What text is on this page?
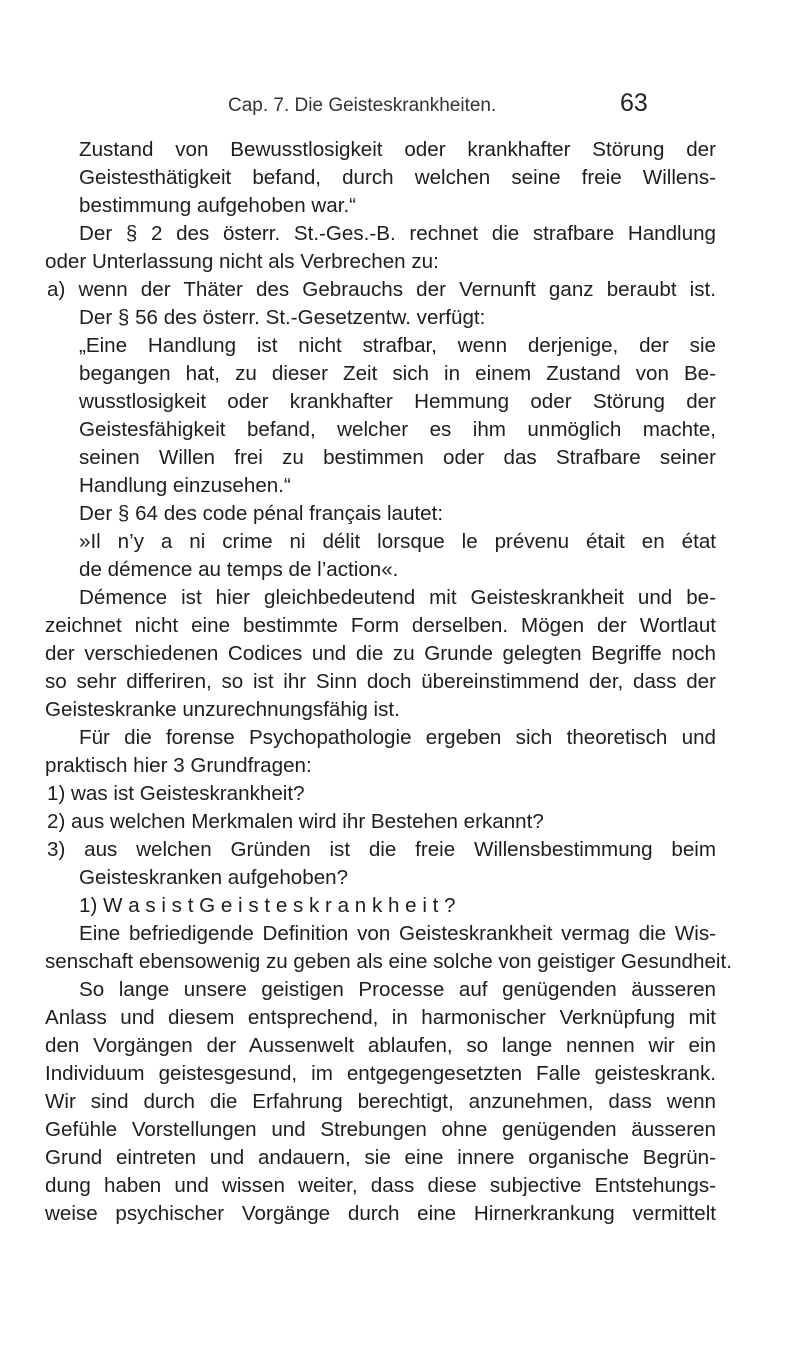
Cap. 7. Die Geisteskrankheiten.	63
Zustand von Bewusstlosigkeit oder krankhafter Störung der
Geistesthätigkeit befand, durch welchen seine freie Willens-
bestimmung aufgehoben war.“
Der § 2 des österr. St.-Ges.-B. rechnet die strafbare Handlung
oder Unterlassung nicht als Verbrechen zu:
a) wenn der Thäter des Gebrauchs der Vernunft ganz beraubt ist.
Der § 56 des österr. St.-Gesetzentw. verfügt:
„Eine Handlung ist nicht strafbar, wenn derjenige, der sie
begangen hat, zu dieser Zeit sich in einem Zustand von Be-
wusstlosigkeit oder krankhafter Hemmung oder Störung der
Geistesfähigkeit befand, welcher es ihm unmöglich machte,
seinen Willen frei zu bestimmen oder das Strafbare seiner
Handlung einzusehen.“
Der § 64 des code pénal français lautet:
»Il n’y a ni crime ni délit lorsque le prévenu était en état
de démence au temps de l’action«.
Démence ist hier gleichbedeutend mit Geisteskrankheit und be-
zeichnet nicht eine bestimmte Form derselben. Mögen der Wortlaut
der verschiedenen Codices und die zu Grunde gelegten Begriffe noch
so sehr differiren, so ist ihr Sinn doch übereinstimmend der, dass der
Geisteskranke unzurechnungsfähig ist.
Für die forense Psychopathologie ergeben sich theoretisch und
praktisch hier 3 Grundfragen:
1) was ist Geisteskrankheit?
2) aus welchen Merkmalen wird ihr Bestehen erkannt?
3) aus welchen Gründen ist die freie Willensbestimmung beim
Geisteskranken aufgehoben?
1) W a s i s t G e i s t e s k r a n k h e i t ?
Eine befriedigende Definition von Geisteskrankheit vermag die Wis-
senschaft ebensowenig zu geben als eine solche von geistiger Gesundheit.
So lange unsere geistigen Processe auf genügenden äusseren
Anlass und diesem entsprechend, in harmonischer Verknüpfung mit
den Vorgängen der Aussenwelt ablaufen, so lange nennen wir ein
Individuum geistesgesund, im entgegengesetzten Falle geisteskrank.
Wir sind durch die Erfahrung berechtigt, anzunehmen, dass wenn
Gefühle Vorstellungen und Strebungen ohne genügenden äusseren
Grund eintreten und andauern, sie eine innere organische Begrün-
dung haben und wissen weiter, dass diese subjective Entstehungs-
weise psychischer Vorgänge durch eine Hirnerkrankung vermittelt
